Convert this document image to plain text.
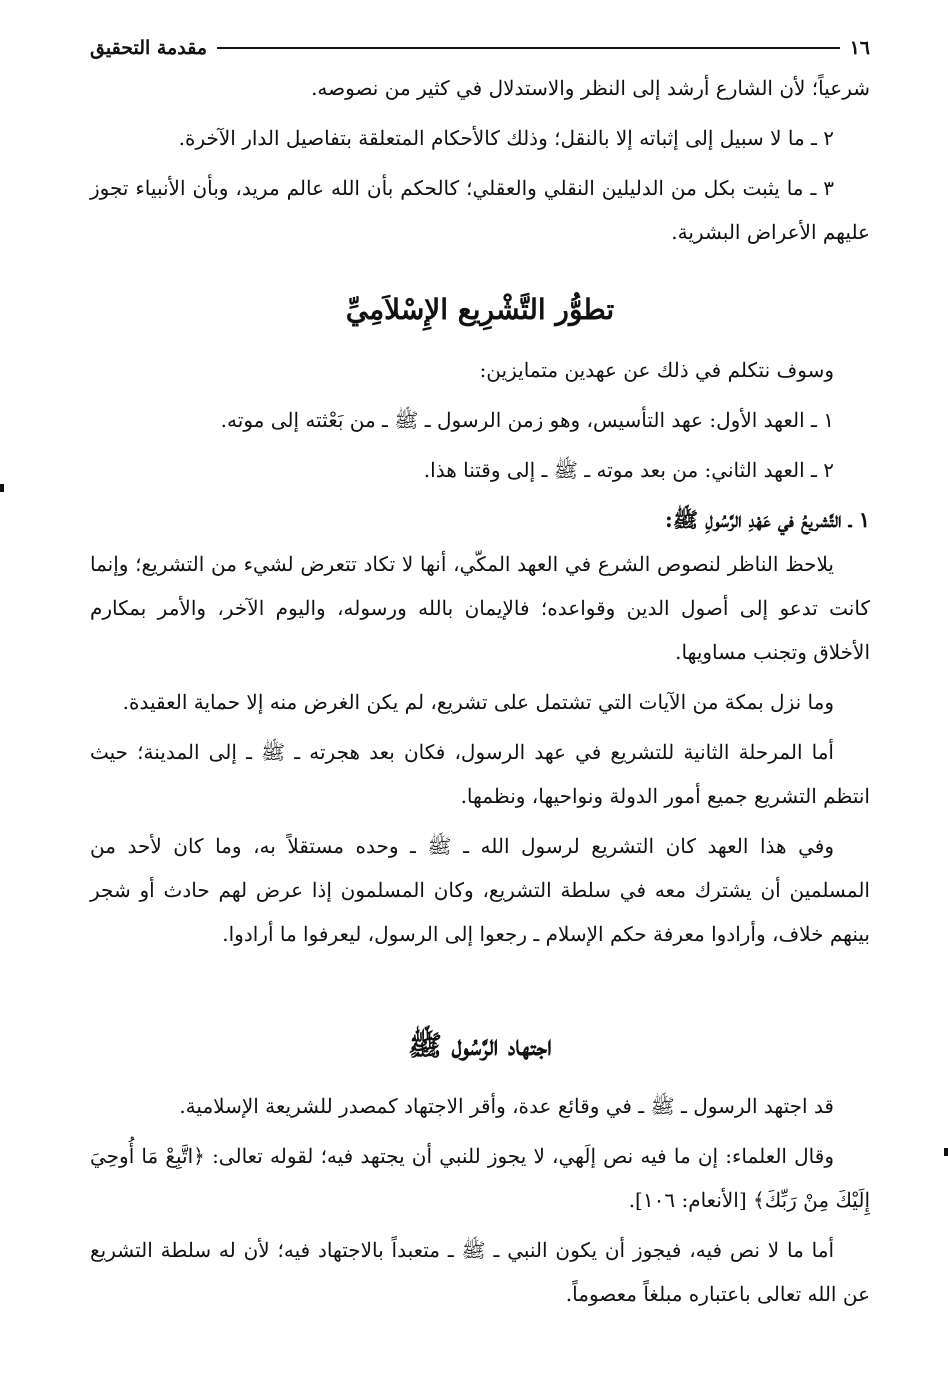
١٦
مقدمة التحقيق

شرعياً؛ لأن الشارع أرشد إلى النظر والاستدلال في كثير من نصوصه.

٢ ـ ما لا سبيل إلى إثباته إلا بالنقل؛ وذلك كالأحكام المتعلقة بتفاصيل الدار الآخرة.

٣ ـ ما يثبت بكل من الدليلين النقلي والعقلي؛ كالحكم بأن الله عالم مريد، وبأن الأنبياء تجوز عليهم الأعراض البشرية.

تطوُّر التَّشْرِيع الإِسْلاَمِيِّ

وسوف نتكلم في ذلك عن عهدين متمايزين:

١ ـ العهد الأول: عهد التأسيس، وهو زمن الرسول ـ ﷺ ـ من بَعْثته إلى موته.

٢ ـ العهد الثاني: من بعد موته ـ ﷺ ـ إلى وقتنا هذا.

١ ـ التَّشريعُ في عَهْدِ الرَّسُولِ ﷺ:

يلاحظ الناظر لنصوص الشرع في العهد المكّي، أنها لا تكاد تتعرض لشيء من التشريع؛ وإنما كانت تدعو إلى أصول الدين وقواعده؛ فالإيمان بالله ورسوله، واليوم الآخر، والأمر بمكارم الأخلاق وتجنب مساويها.

وما نزل بمكة من الآيات التي تشتمل على تشريع، لم يكن الغرض منه إلا حماية العقيدة.

أما المرحلة الثانية للتشريع في عهد الرسول، فكان بعد هجرته ـ ﷺ ـ إلى المدينة؛ حيث انتظم التشريع جميع أمور الدولة ونواحيها، ونظمها.

وفي هذا العهد كان التشريع لرسول الله ـ ﷺ ـ وحده مستقلاً به، وما كان لأحد من المسلمين أن يشترك معه في سلطة التشريع، وكان المسلمون إذا عرض لهم حادث أو شجر بينهم خلاف، وأرادوا معرفة حكم الإسلام ـ رجعوا إلى الرسول، ليعرفوا ما أرادوا.

اجتهاد الرَّسُول ﷺ

قد اجتهد الرسول ـ ﷺ ـ في وقائع عدة، وأقر الاجتهاد كمصدر للشريعة الإسلامية.

وقال العلماء: إن ما فيه نص إلَهي، لا يجوز للنبي أن يجتهد فيه؛ لقوله تعالى: ﴿اتَّبِعْ مَا أُوحِيَ إِلَيْكَ مِنْ رَبِّكَ﴾ [الأنعام: ١٠٦].

أما ما لا نص فيه، فيجوز أن يكون النبي ـ ﷺ ـ متعبداً بالاجتهاد فيه؛ لأن له سلطة التشريع عن الله تعالى باعتباره مبلغاً معصوماً.
